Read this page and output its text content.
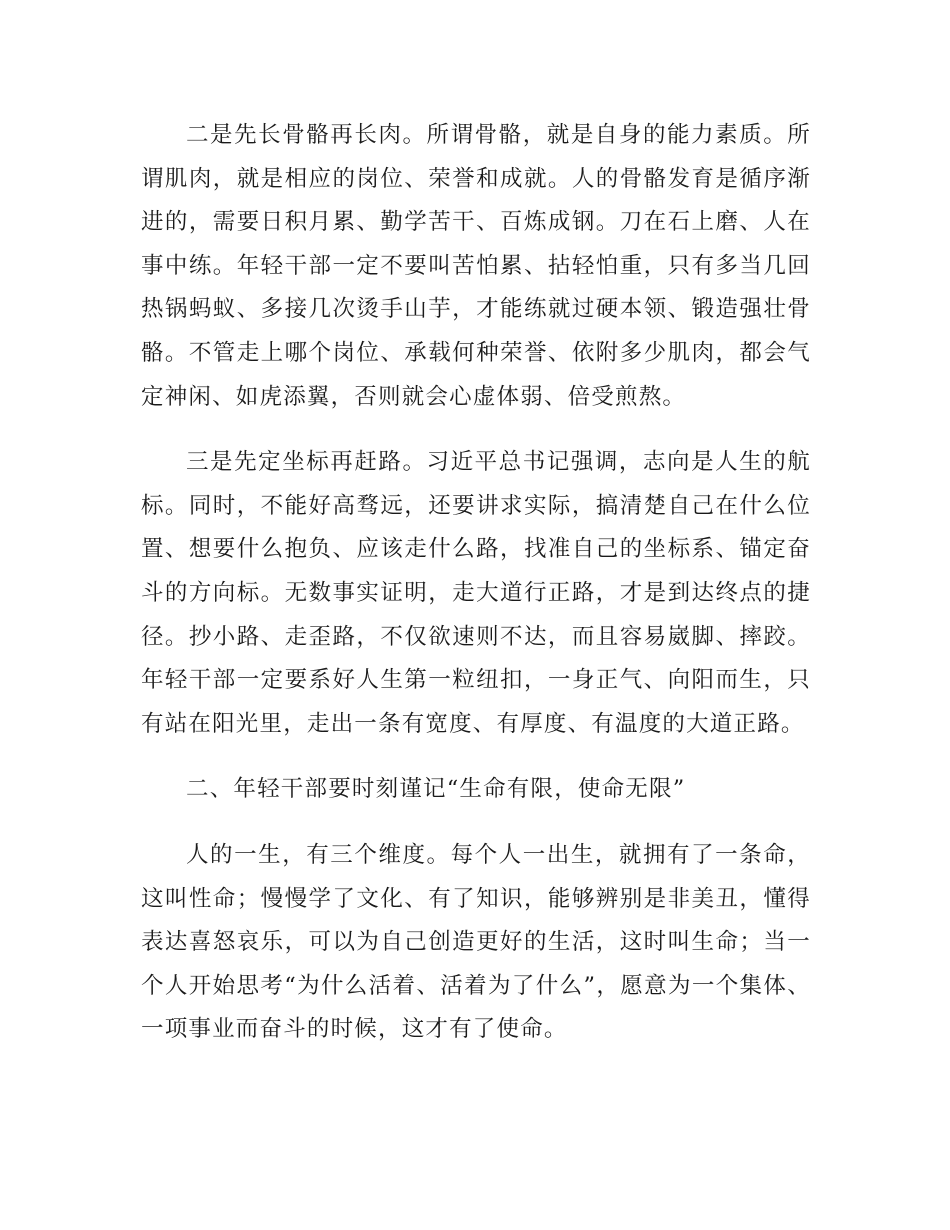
二是先长骨骼再长肉。所谓骨骼，就是自身的能力素质。所谓肌肉，就是相应的岗位、荣誉和成就。人的骨骼发育是循序渐进的，需要日积月累、勤学苦干、百炼成钢。刀在石上磨、人在事中练。年轻干部一定不要叫苦怕累、拈轻怕重，只有多当几回热锅蚂蚁、多接几次烫手山芋，才能练就过硬本领、锻造强壮骨骼。不管走上哪个岗位、承载何种荣誉、依附多少肌肉，都会气定神闲、如虎添翼，否则就会心虚体弱、倍受煎熬。

三是先定坐标再赶路。习近平总书记强调，志向是人生的航标。同时，不能好高骛远，还要讲求实际，搞清楚自己在什么位置、想要什么抱负、应该走什么路，找准自己的坐标系、锚定奋斗的方向标。无数事实证明，走大道行正路，才是到达终点的捷径。抄小路、走歪路，不仅欲速则不达，而且容易崴脚、摔跤。年轻干部一定要系好人生第一粒纽扣，一身正气、向阳而生，只有站在阳光里，走出一条有宽度、有厚度、有温度的大道正路。

二、年轻干部要时刻谨记“生命有限，使命无限”

人的一生，有三个维度。每个人一出生，就拥有了一条命，这叫性命；慢慢学了文化、有了知识，能够辨别是非美丑，懂得表达喜怒哀乐，可以为自己创造更好的生活，这时叫生命；当一个人开始思考“为什么活着、活着为了什么”，愿意为一个集体、一项事业而奋斗的时候，这才有了使命。
